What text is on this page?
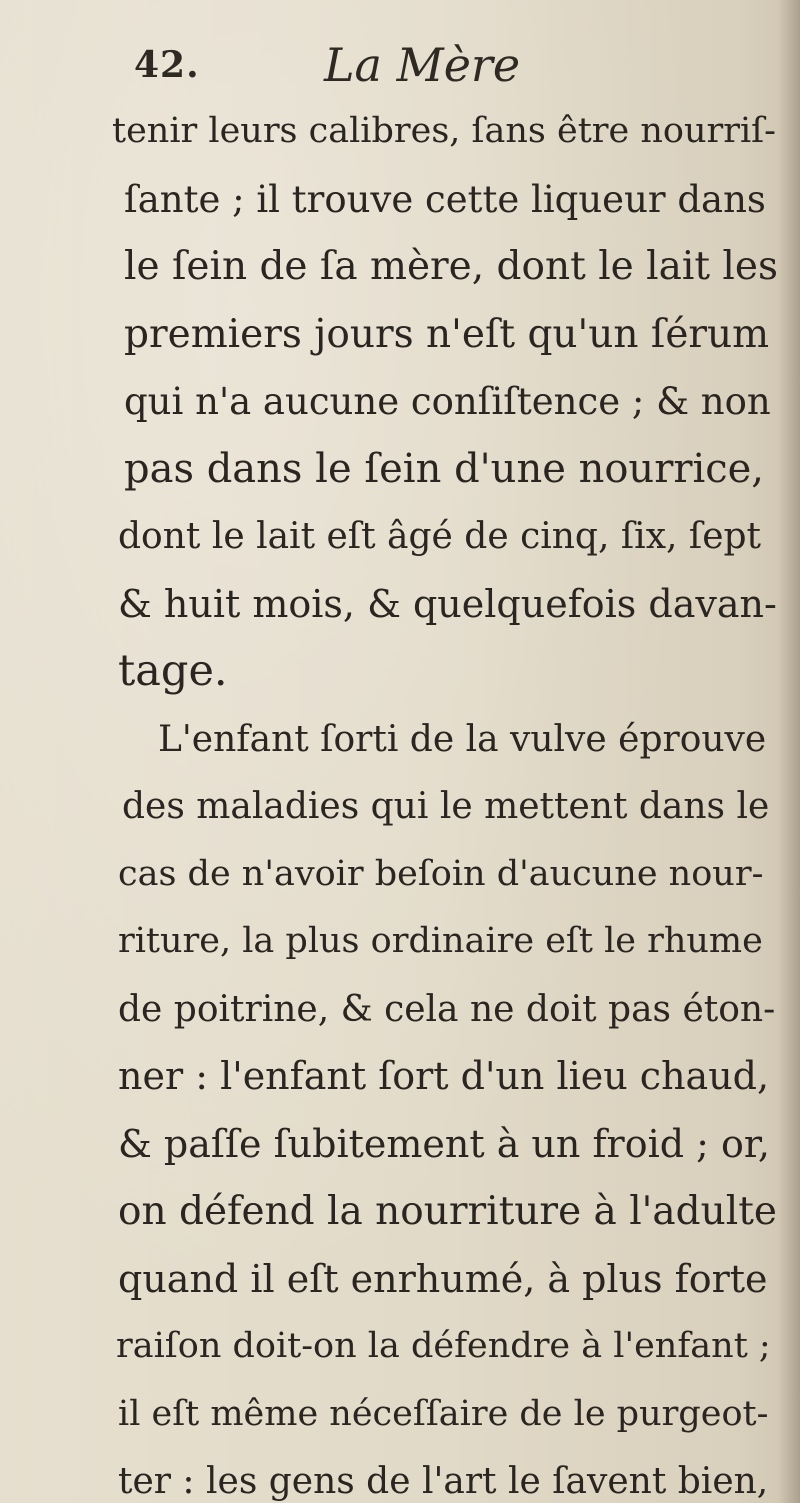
42.	La Mère
tenir leurs calibres, ſans être nourriſ-
ſante ; il trouve cette liqueur dans
le ſein de ſa mère, dont le lait les
premiers jours n'eſt qu'un ſérum
qui n'a aucune conſiſtence ; & non
pas dans le ſein d'une nourrice,
dont le lait eſt âgé de cinq, ſix, ſept
& huit mois, & quelquefois davan-
tage.
L'enfant ſorti de la vulve éprouve
des maladies qui le mettent dans le
cas de n'avoir beſoin d'aucune nour-
riture, la plus ordinaire eſt le rhume
de poitrine, & cela ne doit pas éton-
ner : l'enfant ſort d'un lieu chaud,
& paſſe ſubitement à un froid ; or,
on défend la nourriture à l'adulte
quand il eſt enrhumé, à plus forte
raiſon doit-on la défendre à l'enfant ;
il eſt même néceſſaire de le purgeot-
ter : les gens de l'art le ſavent bien,
